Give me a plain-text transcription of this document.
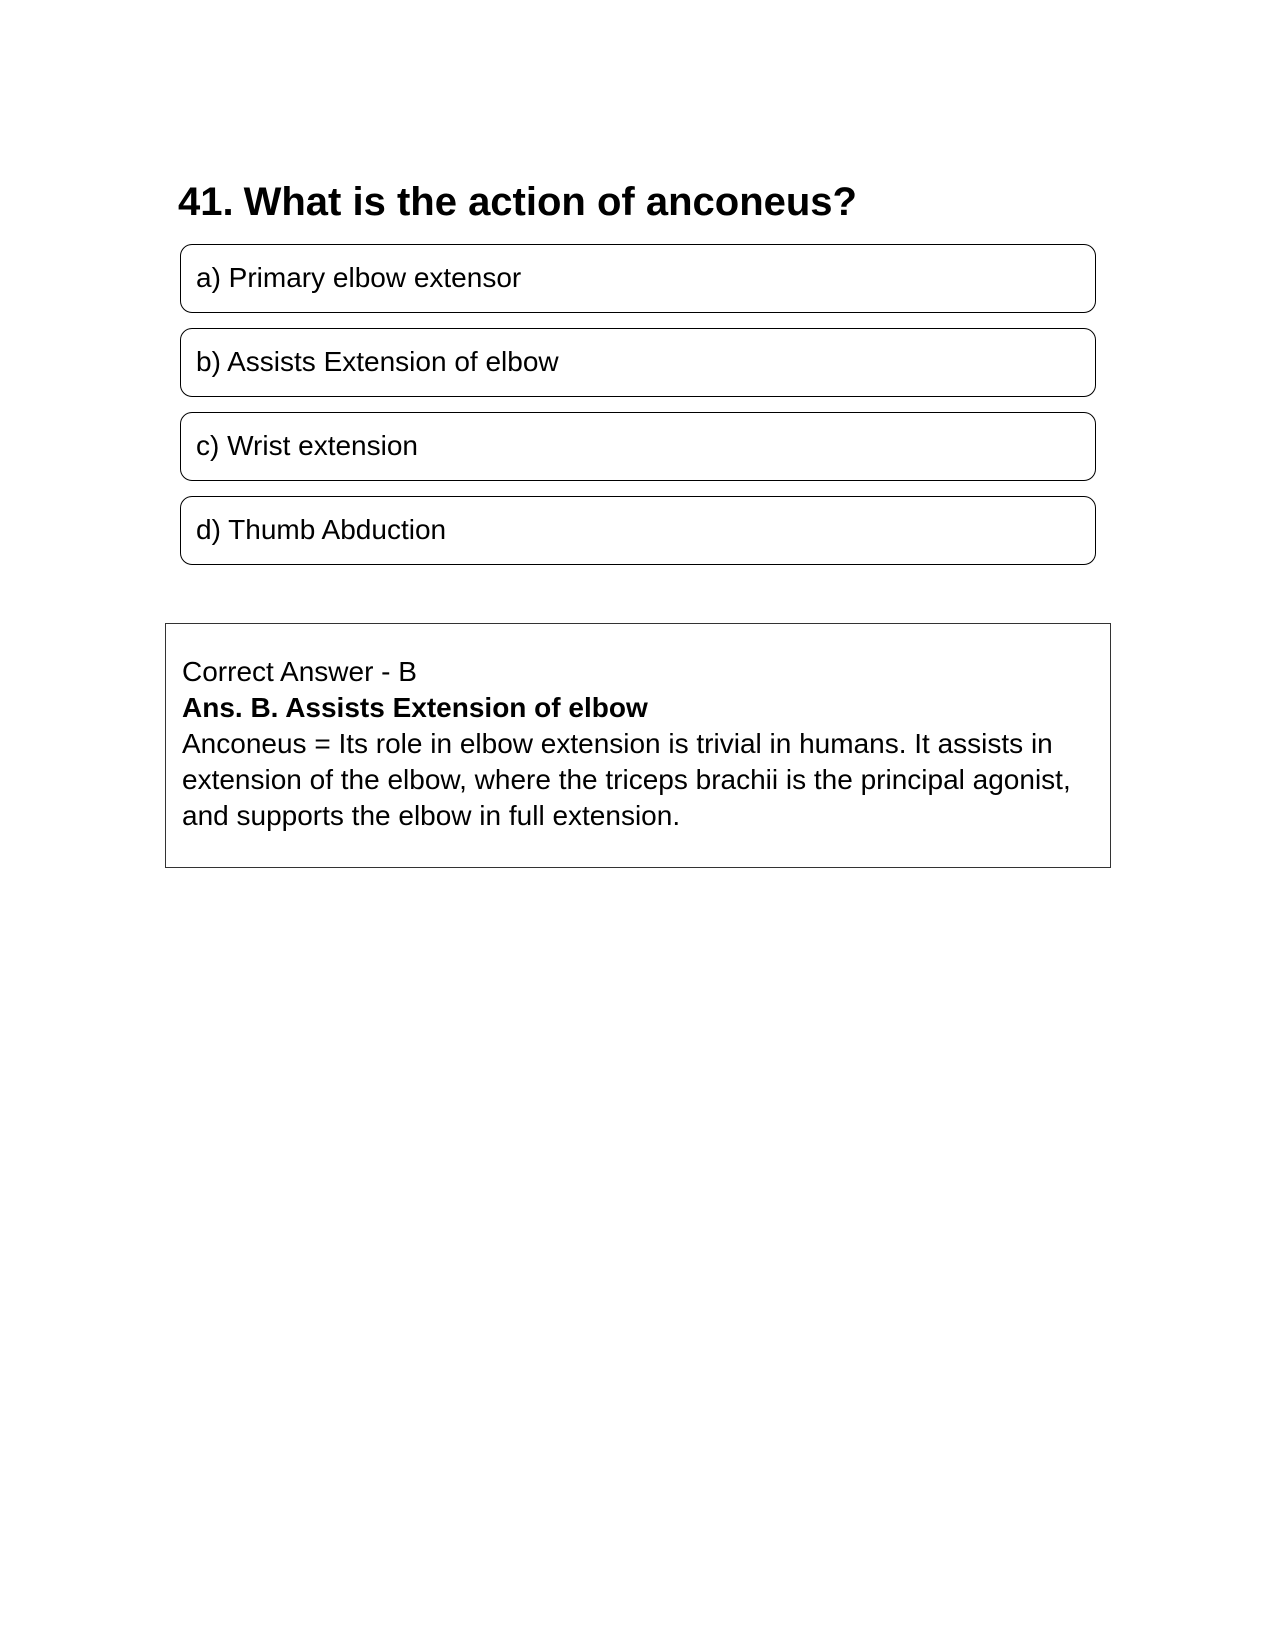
41. What is the action of anconeus?
a) Primary elbow extensor
b) Assists Extension of elbow
c) Wrist extension
d) Thumb Abduction

Correct Answer - B

Ans. B. Assists Extension of elbow

Anconeus = Its role in elbow extension is trivial in humans. It assists in extension of the elbow, where the triceps brachii is the principal agonist, and supports the elbow in full extension.
